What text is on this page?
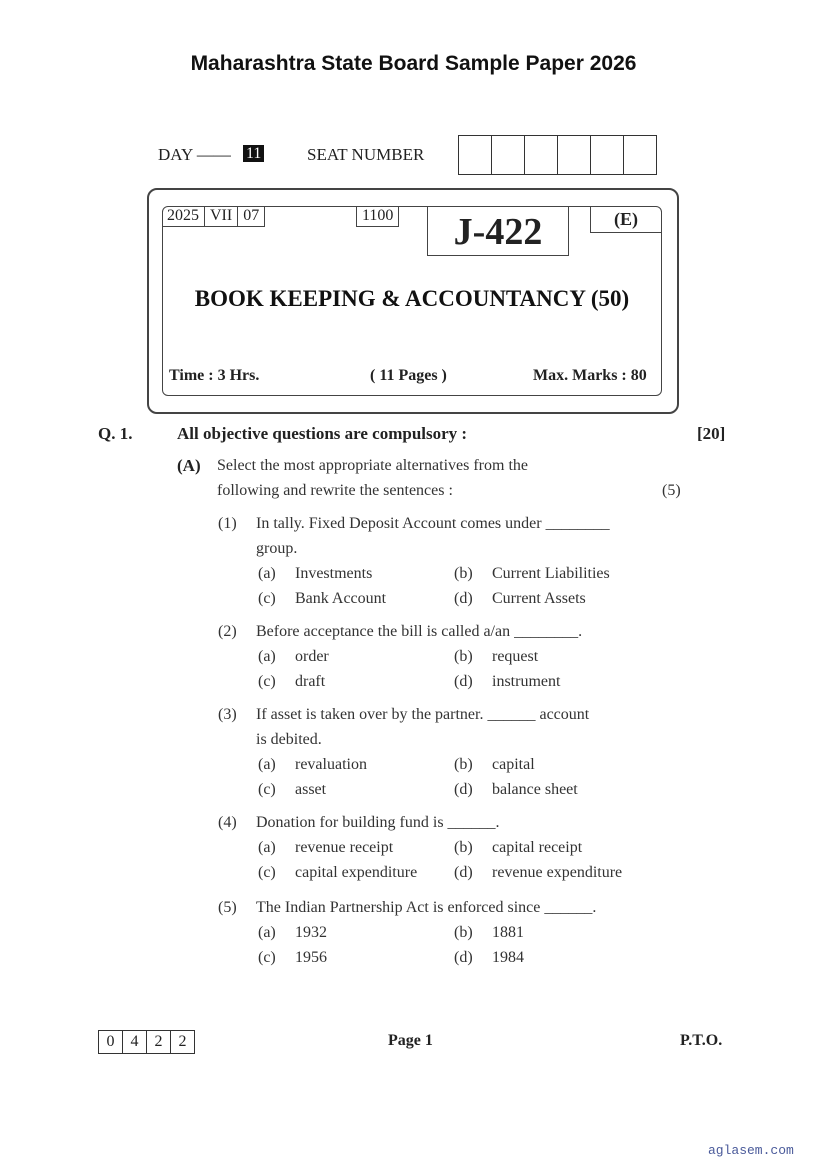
Maharashtra State Board Sample Paper 2026
DAY —— 11	SEAT NUMBER
2025 VII 07	1100	J-422	(E)
BOOK KEEPING & ACCOUNTANCY (50)
Time : 3 Hrs.	( 11 Pages )	Max. Marks : 80
Q. 1.	All objective questions are compulsory :	[20]
(A) Select the most appropriate alternatives from the
following and rewrite the sentences :	(5)
(1) In tally. Fixed Deposit Account comes under ________
group.
(a) Investments	(b) Current Liabilities
(c) Bank Account	(d) Current Assets
(2) Before acceptance the bill is called a/an ________.
(a) order	(b) request
(c) draft	(d) instrument
(3) If asset is taken over by the partner. ______ account
is debited.
(a) revaluation	(b) capital
(c) asset	(d) balance sheet
(4) Donation for building fund is ______.
(a) revenue receipt	(b) capital receipt
(c) capital expenditure (d) revenue expenditure
(5) The Indian Partnership Act is enforced since ______.
(a) 1932	(b) 1881
(c) 1956	(d) 1984
0	4	2	2	Page 1	P.T.O.
aglasem.com
